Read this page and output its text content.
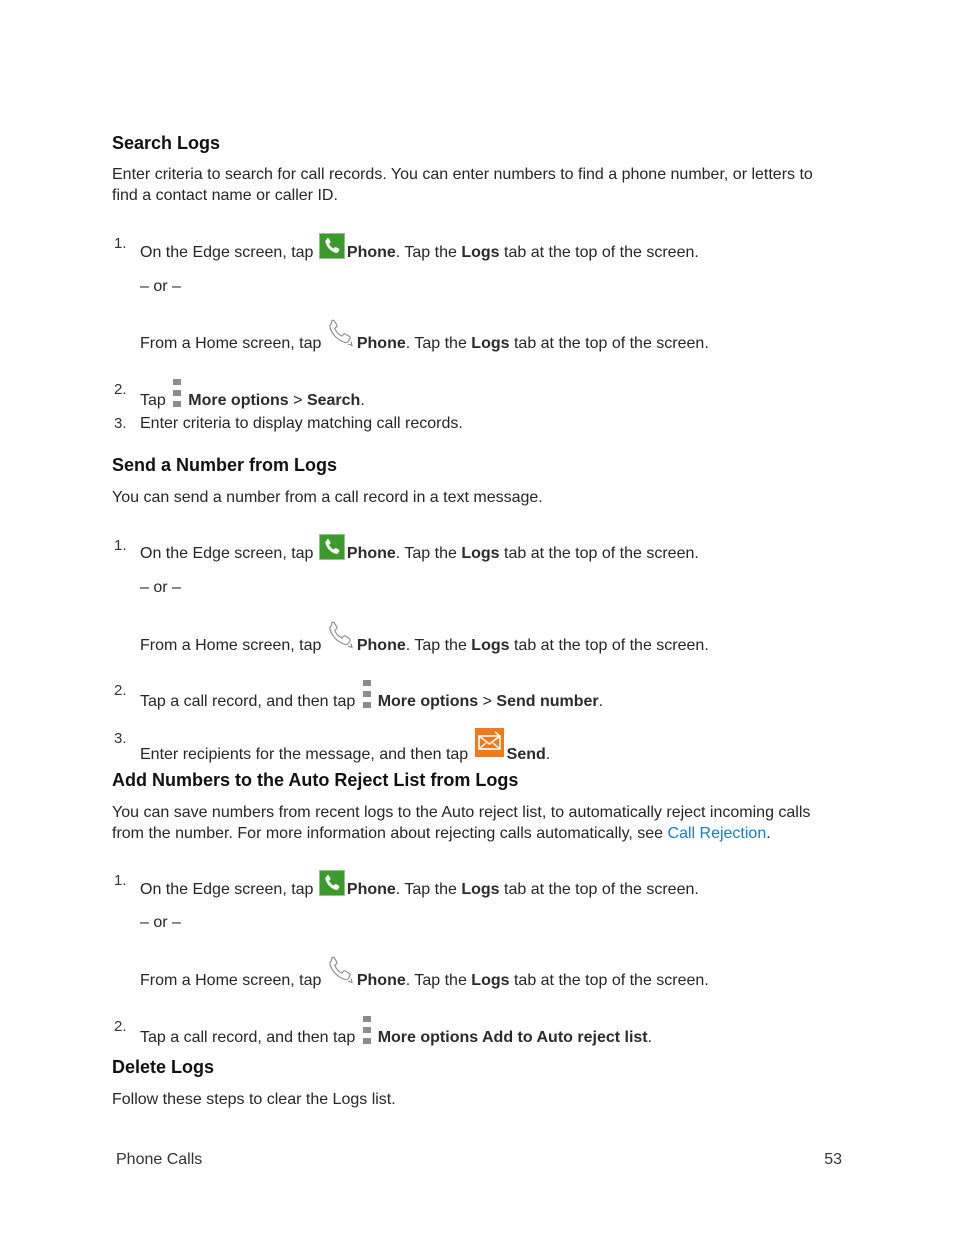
Search Logs
Enter criteria to search for call records. You can enter numbers to find a phone number, or letters to find a contact name or caller ID.
1.
On the Edge screen, tap Phone. Tap the Logs tab at the top of the screen.
– or –
From a Home screen, tap Phone. Tap the Logs tab at the top of the screen.
2.
Tap More options > Search.
3. Enter criteria to display matching call records.
Send a Number from Logs
You can send a number from a call record in a text message.
1. On the Edge screen, tap Phone. Tap the Logs tab at the top of the screen.
– or –
From a Home screen, tap Phone. Tap the Logs tab at the top of the screen.
2.
Tap a call record, and then tap More options > Send number.
3.
Enter recipients for the message, and then tap Send.
Add Numbers to the Auto Reject List from Logs
You can save numbers from recent logs to the Auto reject list, to automatically reject incoming calls from the number. For more information about rejecting calls automatically, see Call Rejection.
1.
On the Edge screen, tap Phone. Tap the Logs tab at the top of the screen.
– or –
From a Home screen, tap Phone. Tap the Logs tab at the top of the screen.
2.
Tap a call record, and then tap More options Add to Auto reject list.
Delete Logs
Follow these steps to clear the Logs list.
Phone Calls	53
